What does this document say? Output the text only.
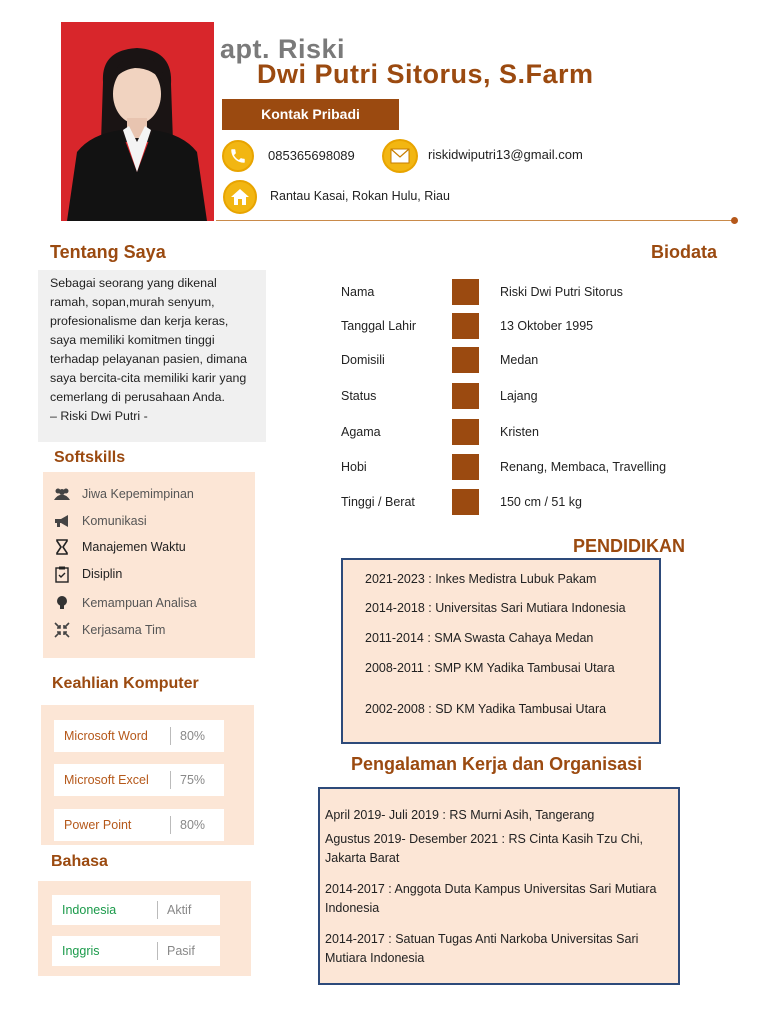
apt. Riski
Dwi Putri Sitorus, S.Farm
Kontak Pribadi
085365698089	riskidwiputri13@gmail.com
Rantau Kasai, Rokan Hulu, Riau
Tentang Saya
Sebagai seorang yang dikenal
ramah, sopan,murah senyum,
profesionalisme dan kerja keras,
saya memiliki komitmen tinggi
terhadap pelayanan pasien, dimana
saya bercita-cita memiliki karir yang
cemerlang di perusahaan Anda.
– Riski Dwi Putri -
Softskills
Jiwa Kepemimpinan
Komunikasi
Manajemen Waktu
Disiplin
Kemampuan Analisa
Kerjasama Tim
Keahlian Komputer
Microsoft Word	80%
Microsoft Excel	75%
Power Point	80%
Bahasa
Indonesia	Aktif
Inggris	Pasif
Biodata
Nama	Riski Dwi Putri Sitorus
Tanggal Lahir	13 Oktober 1995
Domisili	Medan
Status	Lajang
Agama	Kristen
Hobi	Renang, Membaca, Travelling
Tinggi / Berat	150 cm / 51 kg
PENDIDIKAN
2021-2023 : Inkes Medistra Lubuk Pakam
2014-2018 : Universitas Sari Mutiara Indonesia
2011-2014 : SMA Swasta Cahaya Medan
2008-2011 : SMP KM Yadika Tambusai Utara
2002-2008 : SD KM Yadika Tambusai Utara
Pengalaman Kerja dan Organisasi
April 2019- Juli 2019 : RS Murni Asih, Tangerang
Agustus 2019- Desember 2021 : RS Cinta Kasih Tzu Chi, Jakarta Barat
2014-2017 : Anggota Duta Kampus Universitas Sari Mutiara Indonesia
2014-2017 : Satuan Tugas Anti Narkoba Universitas Sari Mutiara Indonesia
